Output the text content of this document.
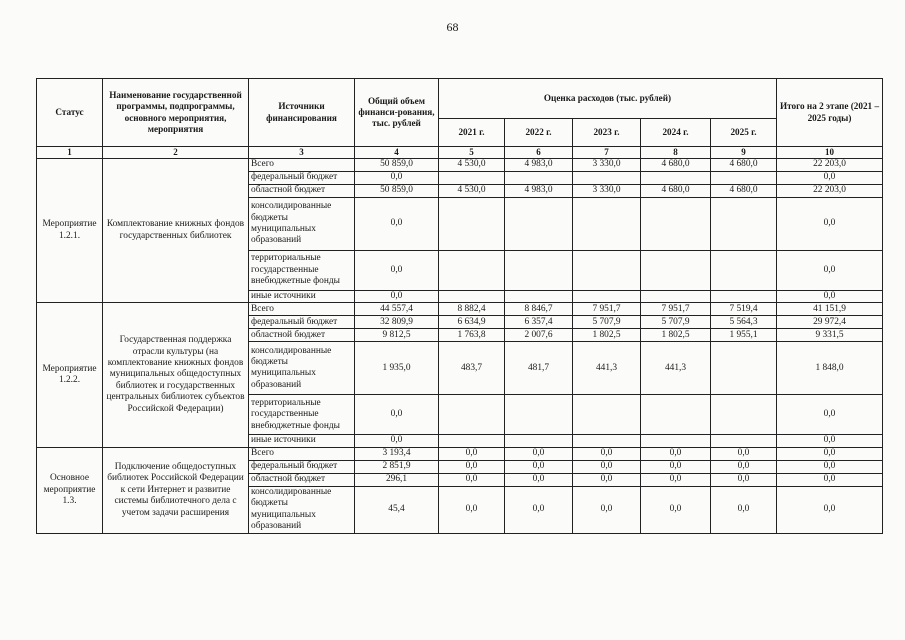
68
Статус	Наименование государственной программы, подпрограммы, основного мероприятия, мероприятия	Источники финансирования	Общий объем финанси-рования, тыс. рублей	Оценка расходов (тыс. рублей)					Итого на 2 этапе (2021 – 2025 годы)
				2021 г.	2022 г.	2023 г.	2024 г.	2025 г.	
1	2	3	4	5	6	7	8	9	10
Мероприятие 1.2.1.	Комплектование книжных фондов государственных библиотек	Всего	50 859,0	4 530,0	4 983,0	3 330,0	4 680,0	4 680,0	22 203,0
		федеральный бюджет	0,0						0,0
		областной бюджет	50 859,0	4 530,0	4 983,0	3 330,0	4 680,0	4 680,0	22 203,0
		консолидированные бюджеты муниципальных образований	0,0						0,0
		территориальные государственные внебюджетные фонды	0,0						0,0
		иные источники	0,0						0,0
Мероприятие 1.2.2.	Государственная поддержка отрасли культуры (на комплектование книжных фондов муниципальных общедоступных библиотек и государственных центральных библиотек субъектов Российской Федерации)	Всего	44 557,4	8 882,4	8 846,7	7 951,7	7 951,7	7 519,4	41 151,9
		федеральный бюджет	32 809,9	6 634,9	6 357,4	5 707,9	5 707,9	5 564,3	29 972,4
		областной бюджет	9 812,5	1 763,8	2 007,6	1 802,5	1 802,5	1 955,1	9 331,5
		консолидированные бюджеты муниципальных образований	1 935,0	483,7	481,7	441,3	441,3		1 848,0
		территориальные государственные внебюджетные фонды	0,0						0,0
		иные источники	0,0						0,0
Основное мероприятие 1.3.	Подключение общедоступных библиотек Российской Федерации к сети Интернет и развитие системы библиотечного дела с учетом задачи расширения	Всего	3 193,4	0,0	0,0	0,0	0,0	0,0	0,0
		федеральный бюджет	2 851,9	0,0	0,0	0,0	0,0	0,0	0,0
		областной бюджет	296,1	0,0	0,0	0,0	0,0	0,0	0,0
		консолидированные бюджеты муниципальных образований	45,4	0,0	0,0	0,0	0,0	0,0	0,0
